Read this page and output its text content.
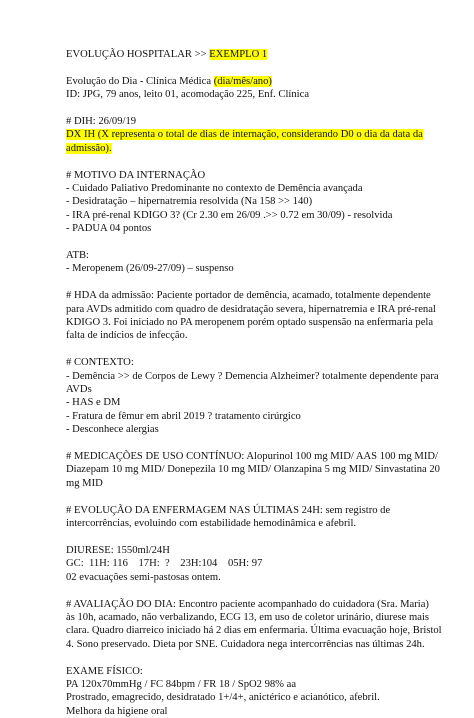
EVOLUÇÃO HOSPITALAR >> EXEMPLO 1
Evolução do Dia - Clínica Médica (dia/mês/ano)
ID: JPG, 79 anos, leito 01, acomodação 225, Enf. Clínica
# DIH: 26/09/19
DX IH (X representa o total de dias de internação, considerando D0 o dia da data da
admissão).
# MOTIVO DA INTERNAÇÃO
- Cuidado Paliativo Predominante no contexto de Demência avançada
- Desidratação – hipernatremia resolvida (Na 158 >> 140)
- IRA pré-renal KDIGO 3? (Cr 2.30 em 26/09 .>> 0.72 em 30/09) - resolvida
- PADUA 04 pontos
ATB:
- Meropenem (26/09-27/09) – suspenso
# HDA da admissão: Paciente portador de demência, acamado, totalmente dependente
para AVDs admitido com quadro de desidratação severa, hipernatremia e IRA pré-renal
KDIGO 3. Foi iniciado no PA meropenem porém optado suspensão na enfermaria pela
falta de indícios de infecção.
# CONTEXTO:
- Demência >> de Corpos de Lewy ? Demencia Alzheimer? totalmente dependente para
AVDs
- HAS e DM
- Fratura de fêmur em abril 2019 ? tratamento cirúrgico
- Desconhece alergias
# MEDICAÇÕES DE USO CONTÍNUO: Alopurinol 100 mg MID/ AAS 100 mg MID/
Diazepam 10 mg MID/ Donepezila 10 mg MID/ Olanzapina 5 mg MID/ Sinvastatina 20
mg MID
# EVOLUÇÃO DA ENFERMAGEM NAS ÚLTIMAS 24H: sem registro de
intercorrências, evoluindo com estabilidade hemodinâmica e afebril.
DIURESE: 1550ml/24H
GC:  11H: 116    17H:  ?    23H:104    05H: 97
02 evacuações semi-pastosas ontem.
# AVALIAÇÃO DO DIA: Encontro paciente acompanhado do cuidadora (Sra. Maria)
às 10h, acamado, não verbalizando, ECG 13, em uso de coletor urinário, diurese mais
clara. Quadro diarreico iniciado há 2 dias em enfermaria. Última evacuação hoje, Bristol
4. Sono preservado. Dieta por SNE. Cuidadora nega intercorrências nas últimas 24h.
EXAME FÍSICO:
PA 120x70mmHg / FC 84bpm / FR 18 / SpO2 98% aa
Prostrado, emagrecido, desidratado 1+/4+, anictérico e acianótico, afebril.
Melhora da higiene oral
